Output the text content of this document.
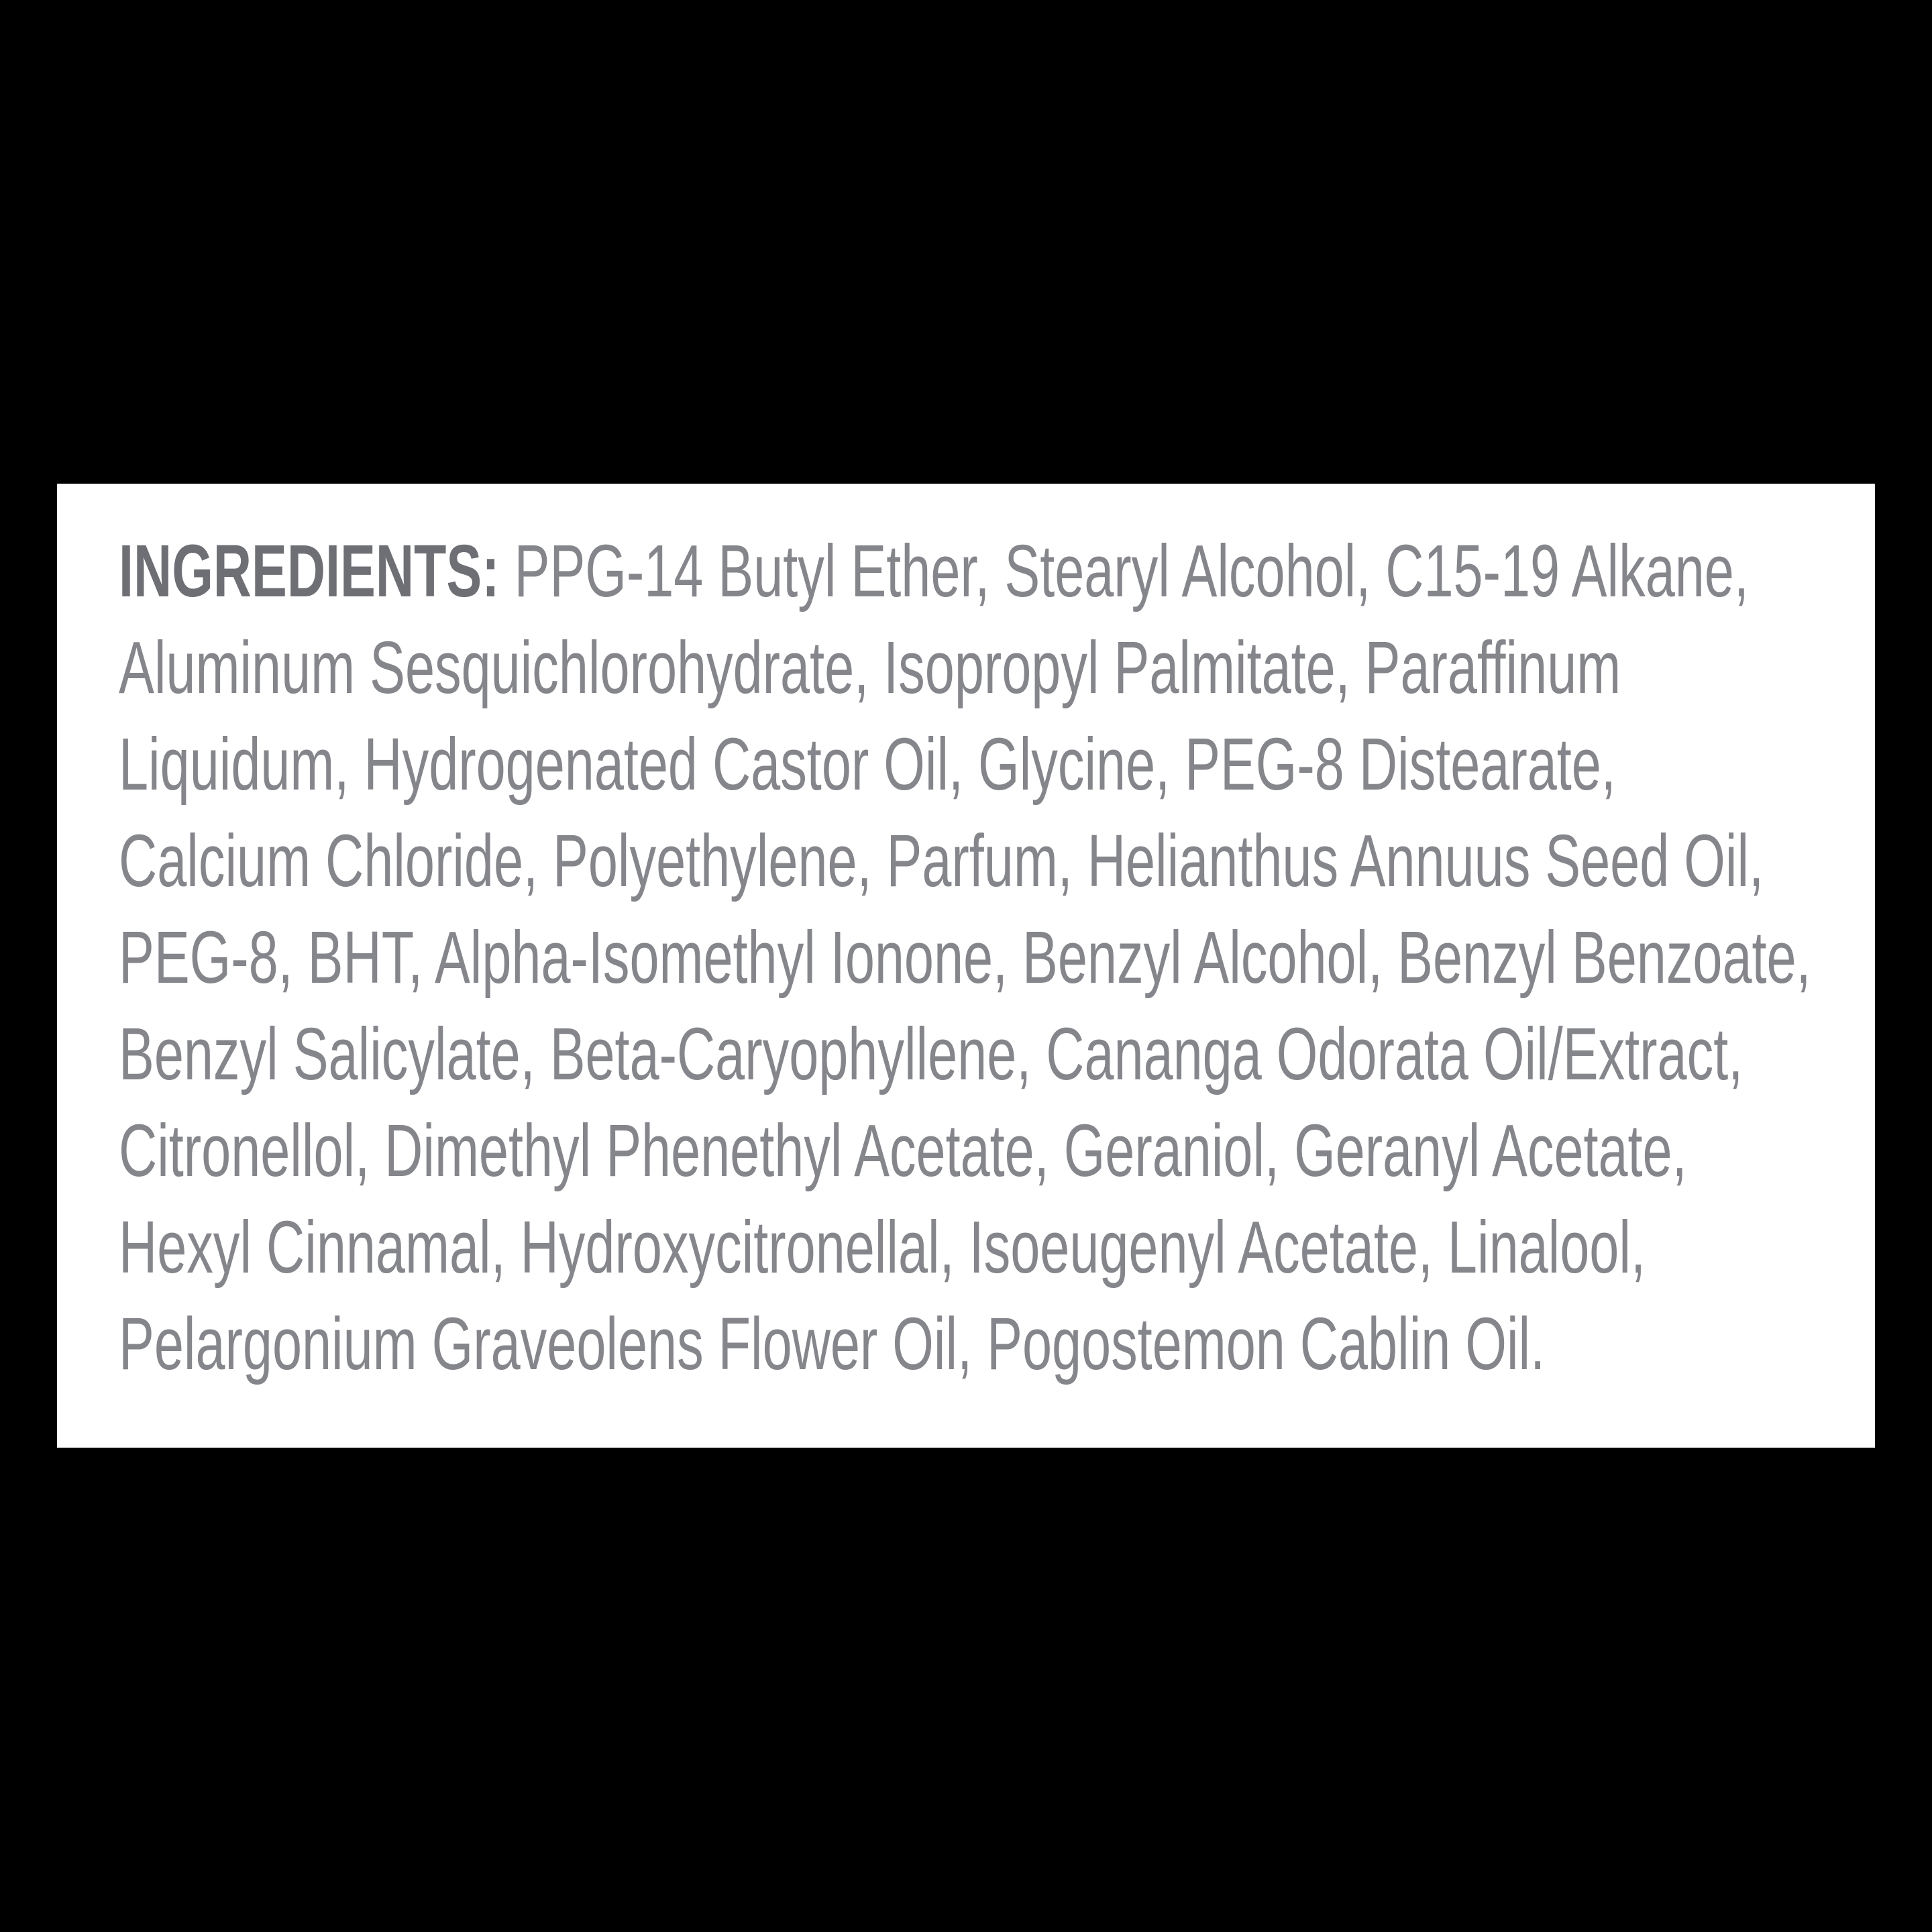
INGREDIENTS: PPG-14 Butyl Ether, Stearyl Alcohol, C15-19 Alkane,
Aluminum Sesquichlorohydrate, Isopropyl Palmitate, Paraffinum
Liquidum, Hydrogenated Castor Oil, Glycine, PEG-8 Distearate,
Calcium Chloride, Polyethylene, Parfum, Helianthus Annuus Seed Oil,
PEG-8, BHT, Alpha-Isomethyl Ionone, Benzyl Alcohol, Benzyl Benzoate,
Benzyl Salicylate, Beta-Caryophyllene, Cananga Odorata Oil/Extract,
Citronellol, Dimethyl Phenethyl Acetate, Geraniol, Geranyl Acetate,
Hexyl Cinnamal, Hydroxycitronellal, Isoeugenyl Acetate, Linalool,
Pelargonium Graveolens Flower Oil, Pogostemon Cablin Oil.
